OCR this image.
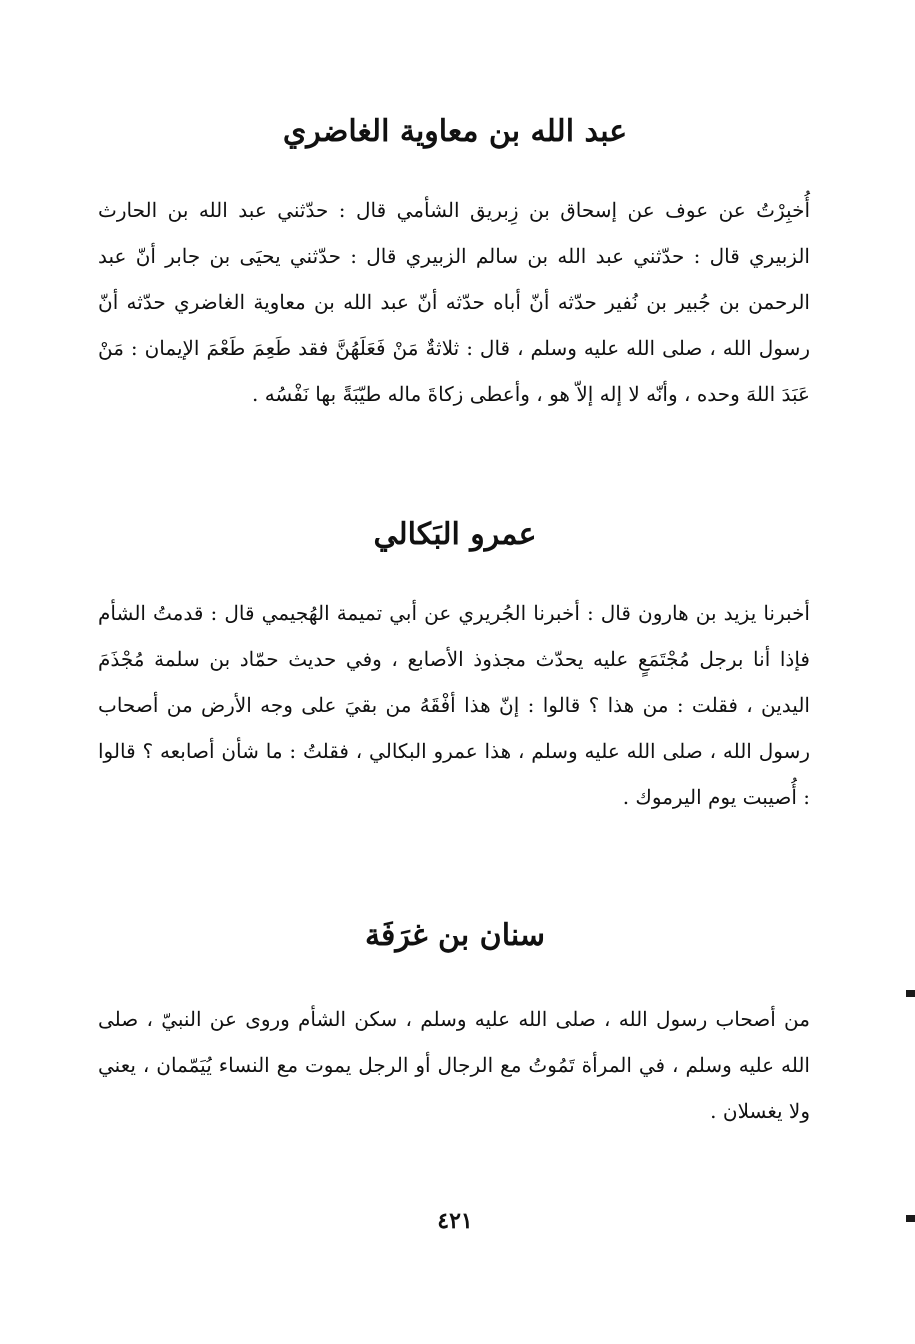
عبد الله بن معاوية الغاضري

أُخبِرْتُ عن عوف عن إسحاق بن زِبريق الشأمي قال : حدّثني عبد الله بن الحارث الزبيري قال : حدّثني عبد الله بن سالم الزبيري قال : حدّثني يحيَى بن جابر أنّ عبد الرحمن بن جُبير بن نُفير حدّثه أنّ أباه حدّثه أنّ عبد الله بن معاوية الغاضري حدّثه أنّ رسول الله ، صلى الله عليه وسلم ، قال : ثلاثةٌ مَنْ فَعَلَهُنَّ فقد طَعِمَ طَعْمَ الإيمان : مَنْ عَبَدَ اللهَ وحده ، وأنّه لا إله إلاّ هو ، وأعطى زكاةَ ماله طيّبَةً بها نَفْسُه .

عمرو البَكالي

أخبرنا يزيد بن هارون قال : أخبرنا الجُريري عن أبي تميمة الهُجيمي قال : قدمتُ الشأم فإذا أنا برجل مُجْتَمَعٍ عليه يحدّث مجذوذ الأصابع ، وفي حديث حمّاد بن سلمة مُجْذَمَ اليدين ، فقلت : من هذا ؟ قالوا : إنّ هذا أفْقَهُ من بقيَ على وجه الأرض من أصحاب رسول الله ، صلى الله عليه وسلم ، هذا عمرو البكالي ، فقلتُ : ما شأن أصابعه ؟ قالوا : أُصيبت يوم اليرموك .

سنان بن غرَفَة

من أصحاب رسول الله ، صلى الله عليه وسلم ، سكن الشأم وروى عن النبيّ ، صلى الله عليه وسلم ، في المرأة تَمُوتُ مع الرجال أو الرجل يموت مع النساء يُيَمّمان ، يعني ولا يغسلان .

٤٢١
